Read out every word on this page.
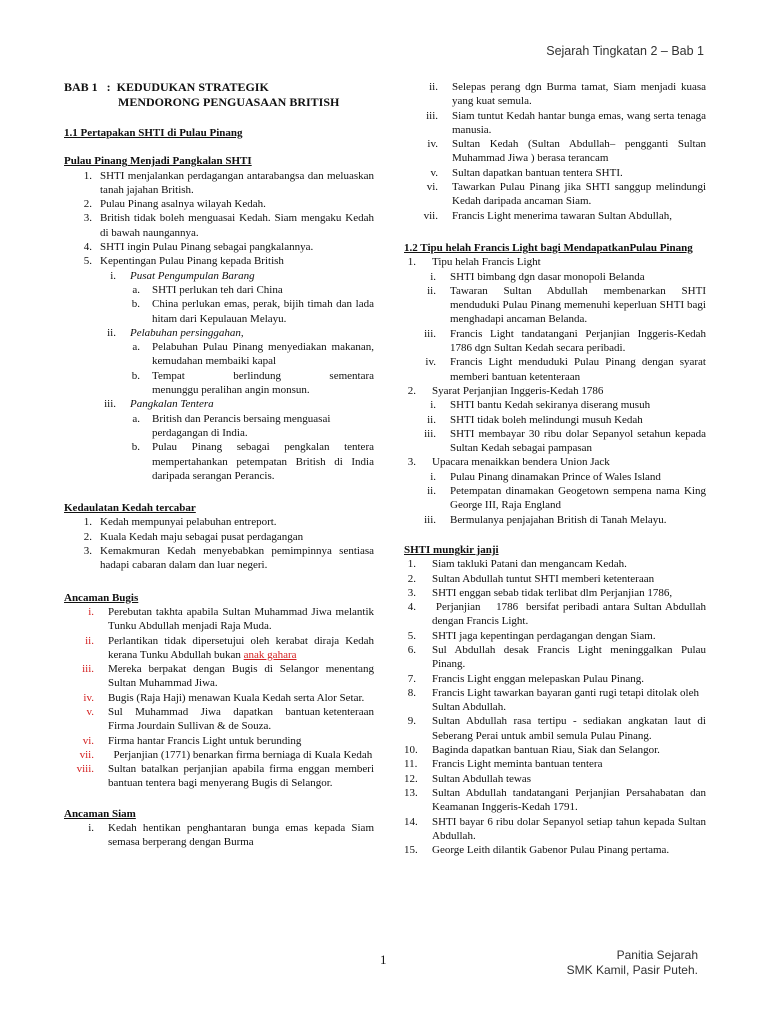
Sejarah Tingkatan 2 – Bab 1
BAB 1   :  KEDUDUKAN STRATEGIK
MENDORONG PENGUASAAN BRITISH
1.1 Pertapakan SHTI di Pulau Pinang
Pulau Pinang Menjadi Pangkalan SHTI
1. SHTI menjalankan perdagangan antarabangsa dan meluaskan tanah jajahan British.
2. Pulau Pinang asalnya wilayah Kedah.
3. British tidak boleh menguasai Kedah. Siam mengaku Kedah di bawah naungannya.
4. SHTI ingin Pulau Pinang sebagai pangkalannya.
5. Kepentingan Pulau Pinang kepada British
i. Pusat Pengumpulan Barang
a. SHTI perlukan teh dari China
b. China perlukan emas, perak, bijih timah dan lada hitam dari Kepulauan Melayu.
ii. Pelabuhan persinggahan,
a. Pelabuhan Pulau Pinang menyediakan makanan, kemudahan membaiki kapal
b. Tempat            berlindung            sementara menunggu peralihan angin monsun.
iii. Pangkalan Tentera
a. British dan Perancis bersaing menguasai perdagangan di India.
b. Pulau Pinang sebagai pengkalan tentera mempertahankan petempatan British di India daripada serangan Perancis.
Kedaulatan Kedah tercabar
1. Kedah mempunyai pelabuhan entreport.
2. Kuala Kedah maju sebagai pusat perdagangan
3. Kemakmuran Kedah menyebabkan pemimpinnya sentiasa hadapi cabaran dalam dan luar negeri.
Ancaman Bugis
i. Perebutan takhta apabila Sultan Muhammad Jiwa melantik Tunku Abdullah menjadi Raja Muda.
ii. Perlantikan tidak dipersetujui oleh kerabat diraja Kedah kerana Tunku Abdullah bukan anak gahara
iii. Mereka berpakat dengan Bugis di Selangor menentang Sultan Muhammad Jiwa.
iv. Bugis (Raja Haji) menawan Kuala Kedah serta Alor Setar.
v. Sul    Muhammad    Jiwa    dapatkan    bantuan ketenteraan Firma Jourdain Sullivan & de Souza.
vi. Firma hantar Francis Light untuk berunding
vii. Perjanjian (1771) benarkan firma berniaga di Kuala Kedah
viii. Sultan batalkan perjanjian apabila firma enggan memberi bantuan tentera bagi menyerang Bugis di Selangor.
Ancaman Siam
i. Kedah hentikan penghantaran bunga emas kepada Siam semasa berperang dengan Burma
ii. Selepas perang dgn Burma tamat, Siam menjadi kuasa yang kuat semula.
iii. Siam tuntut Kedah hantar bunga emas, wang serta tenaga manusia.
iv. Sultan Kedah (Sultan Abdullah– pengganti Sultan Muhammad Jiwa ) berasa terancam
v. Sultan dapatkan bantuan tentera SHTI.
vi. Tawarkan Pulau Pinang jika SHTI sanggup melindungi Kedah daripada ancaman Siam.
vii. Francis Light menerima tawaran Sultan Abdullah,
1.2 Tipu helah Francis Light bagi MendapatkanPulau Pinang
1. Tipu helah Francis Light
i. SHTI bimbang dgn dasar monopoli Belanda
ii. Tawaran Sultan Abdullah membenarkan SHTI menduduki Pulau Pinang memenuhi keperluan SHTI bagi menghadapi ancaman Belanda.
iii. Francis Light tandatangani Perjanjian Inggeris-Kedah 1786 dgn Sultan Kedah secara peribadi.
iv. Francis Light menduduki Pulau Pinang dengan syarat memberi bantuan ketenteraan
2. Syarat Perjanjian Inggeris-Kedah 1786
i. SHTI bantu Kedah sekiranya diserang musuh
ii. SHTI tidak boleh melindungi musuh Kedah
iii. SHTI membayar 30 ribu dolar Sepanyol setahun kepada Sultan Kedah sebagai pampasan
3. Upacara menaikkan bendera Union Jack
i. Pulau Pinang dinamakan Prince of Wales Island
ii. Petempatan dinamakan Geogetown sempena nama King George III, Raja England
iii. Bermulanya penjajahan British di Tanah Melayu.
SHTI mungkir janji
1. Siam takluki Patani dan mengancam Kedah.
2. Sultan Abdullah tuntut SHTI memberi ketenteraan
3. SHTI enggan sebab tidak terlibat dlm Perjanjian 1786,
4. Perjanjian    1786  bersifat peribadi antara Sultan Abdullah dengan Francis Light.
5. SHTI jaga kepentingan perdagangan dengan Siam.
6. Sul Abdullah desak Francis Light meninggalkan Pulau Pinang.
7. Francis Light enggan melepaskan Pulau Pinang.
8. Francis Light tawarkan bayaran ganti rugi tetapi ditolak oleh Sultan Abdullah.
9. Sultan Abdullah rasa tertipu - sediakan angkatan laut di Seberang Perai untuk ambil semula Pulau Pinang.
10. Baginda dapatkan bantuan Riau, Siak dan Selangor.
11. Francis Light meminta bantuan tentera
12. Sultan Abdullah tewas
13. Sultan Abdullah tandatangani Perjanjian Persahabatan dan Keamanan Inggeris-Kedah 1791.
14. SHTI bayar 6 ribu dolar Sepanyol setiap tahun kepada Sultan Abdullah.
15. George Leith dilantik Gabenor Pulau Pinang pertama.
1	Panitia Sejarah
SMK Kamil, Pasir Puteh.
